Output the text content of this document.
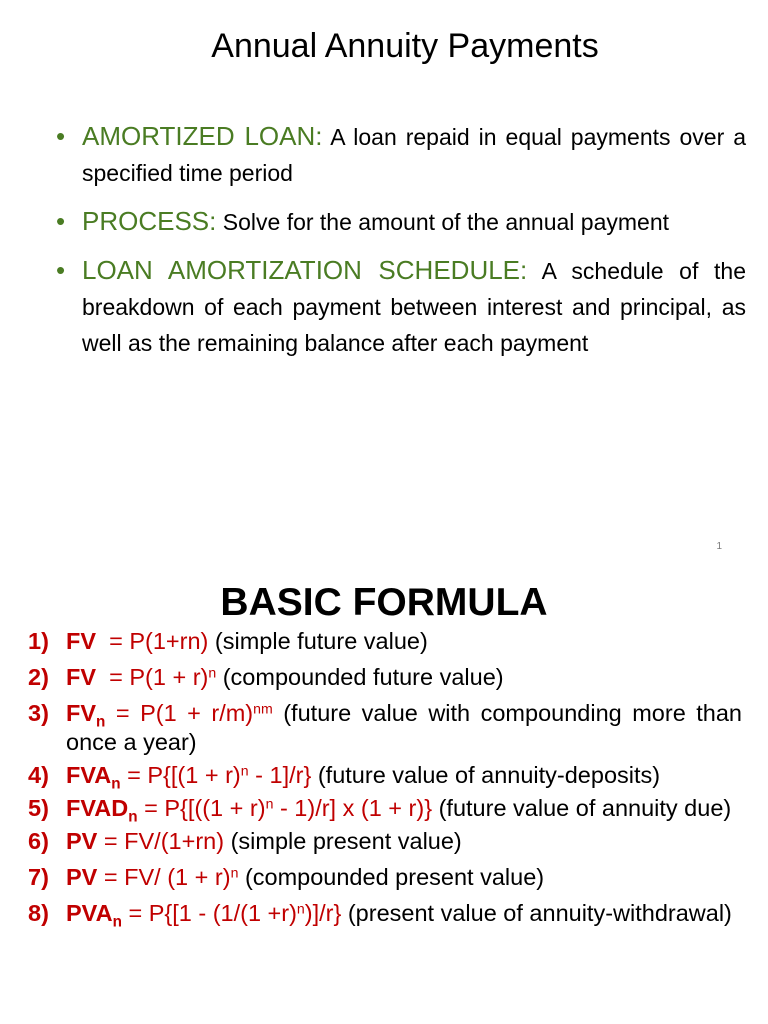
Annual Annuity Payments
• AMORTIZED LOAN: A loan repaid in equal payments over a specified time period
• PROCESS: Solve for the amount of the annual payment
• LOAN AMORTIZATION SCHEDULE: A schedule of the breakdown of each payment between interest and principal, as well as the remaining balance after each payment
1
BASIC FORMULA
1) FV = P(1+rn) (simple future value)
2) FV = $P(1 + r)^n$ (compounded future value)
3) $FV_n = P(1 + r/m)^{nm}$ (future value with compounding more than once a year)
4) $FVA_n = P\{[(1 + r)^n - 1]/r\}$ (future value of annuity-deposits)
5) $FVAD_n = P\{[((1 + r)^n - 1)/r]$ x (1 + r)} (future value of annuity due)
6) PV = FV/(1+rn) (simple present value)
7) PV = FV/ $(1 + r)^n$ (compounded present value)
8) $PVA_n = P\{[1 - (1/(1 +r)^n)]/r\}$ (present value of annuity-withdrawal)
